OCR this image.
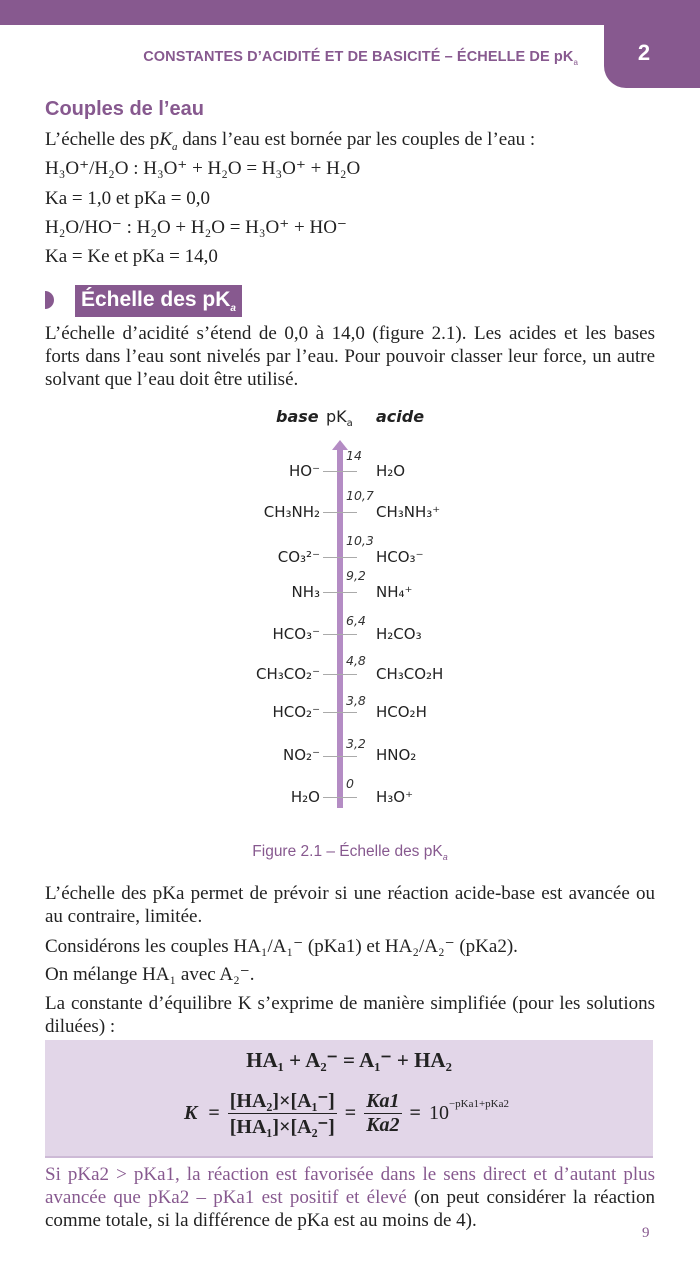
2
CONSTANTES D’ACIDITÉ ET DE BASICITÉ – ÉCHELLE DE $pK_a$
Couples de l’eau
L’échelle des $pK_a$ dans l’eau est bornée par les couples de l’eau :
H₃O⁺/H₂O : H₃O⁺ + H₂O = H₃O⁺ + H₂O
Ka = 1,0 et pKa = 0,0
H₂O/HO⁻ : H₂O + H₂O = H₃O⁺ + HO⁻
Ka = Ke et pKa = 14,0
Échelle des $pK_a$
L’échelle d’acidité s’étend de 0,0 à 14,0 (figure 2.1). Les acides et les bases forts dans l’eau sont nivelés par l’eau. Pour pouvoir classer leur force, un autre solvant que l’eau doit être utilisé.
base $pK_a$ acide
14
HO⁻	H₂O
10,7
CH₃NH₂	CH₃NH₃⁺
10,3
CO₃²⁻	HCO₃⁻
9,2
NH₃	NH₄⁺
6,4
HCO₃⁻	H₂CO₃
4,8
CH₃CO₂⁻	CH₃CO₂H
3,8
HCO₂⁻	HCO₂H
3,2
NO₂⁻	HNO₂
0
H₂O	H₃O⁺
Figure 2.1 – Échelle des $pK_a$
L’échelle des pKa permet de prévoir si une réaction acide-base est avancée ou au contraire, limitée.
Considérons les couples HA₁/A₁⁻ (pKa1) et HA₂/A₂⁻ (pKa2).
On mélange HA₁ avec A₂⁻.
La constante d’équilibre K s’exprime de manière simplifiée (pour les solutions diluées) :
HA₁ + A₂⁻ = A₁⁻ + HA₂
$K = \frac{\text{[HA₂]×[A₁⁻]}}{\text{[HA₁]×[A₂⁻]}} = \frac{Ka1}{Ka2} = 10^{-pKa1+pKa2}$
Si pKa2 > pKa1, la réaction est favorisée dans le sens direct et d’autant plus avancée que pKa2 – pKa1 est positif et élevé (on peut considérer la réaction comme totale, si la différence de pKa est au moins de 4).
9
